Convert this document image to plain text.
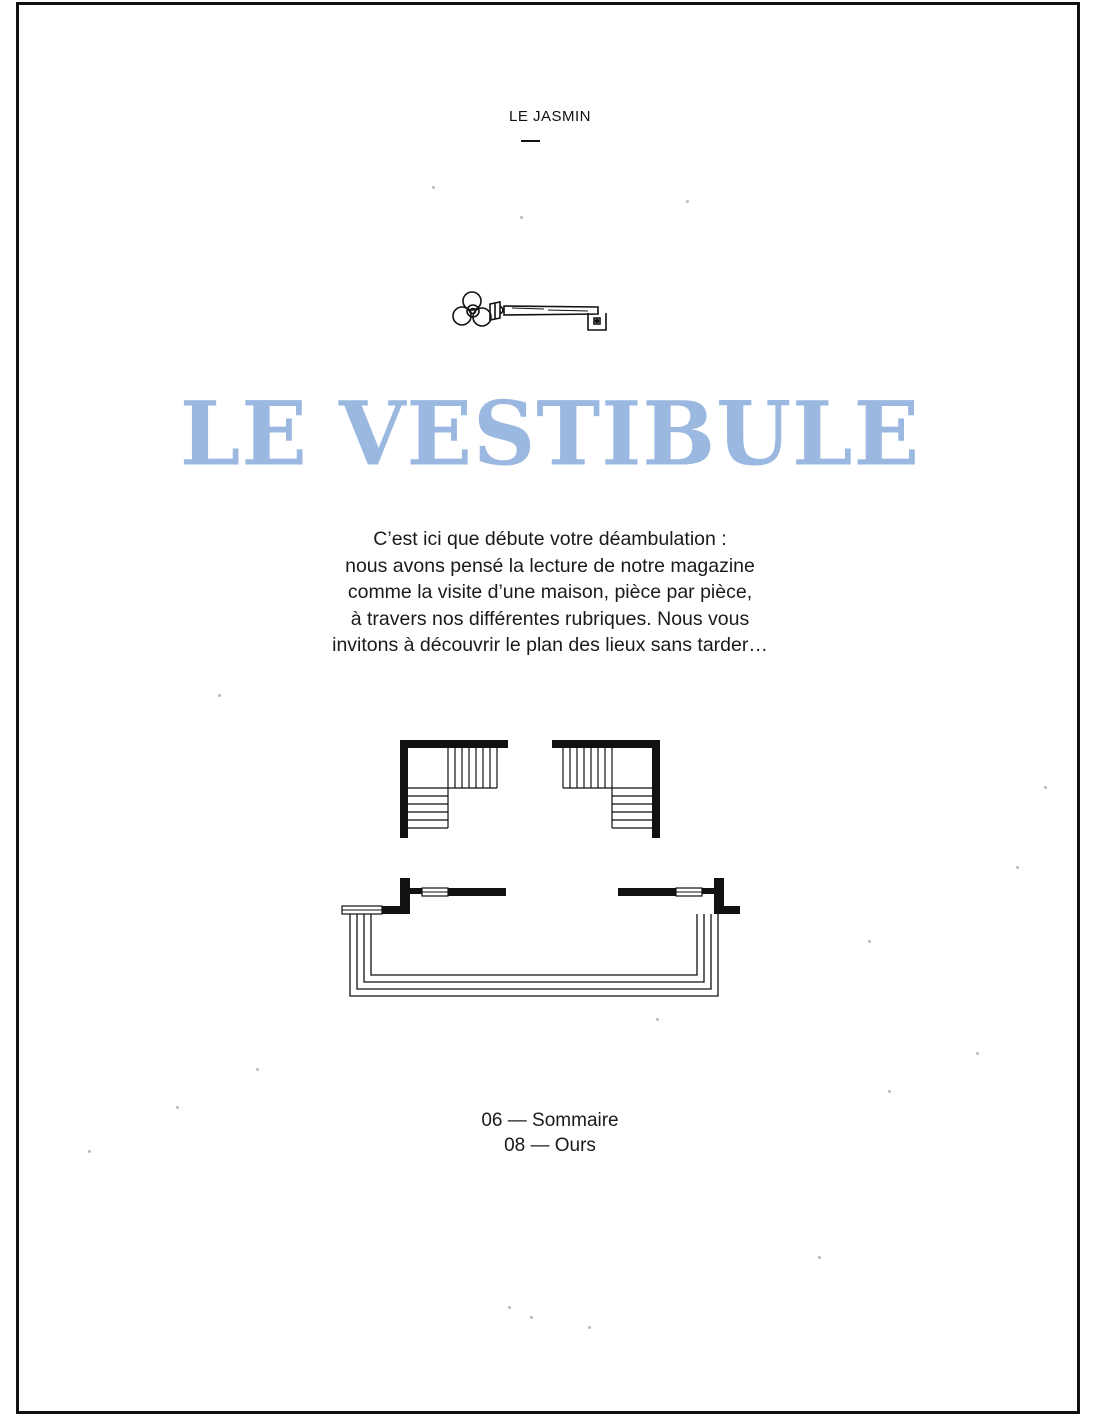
LE JASMIN
LE VESTIBULE
C’est ici que débute votre déambulation :
nous avons pensé la lecture de notre magazine
comme la visite d’une maison, pièce par pièce,
à travers nos différentes rubriques. Nous vous
invitons à découvrir le plan des lieux sans tarder…
06 — Sommaire
08 — Ours
